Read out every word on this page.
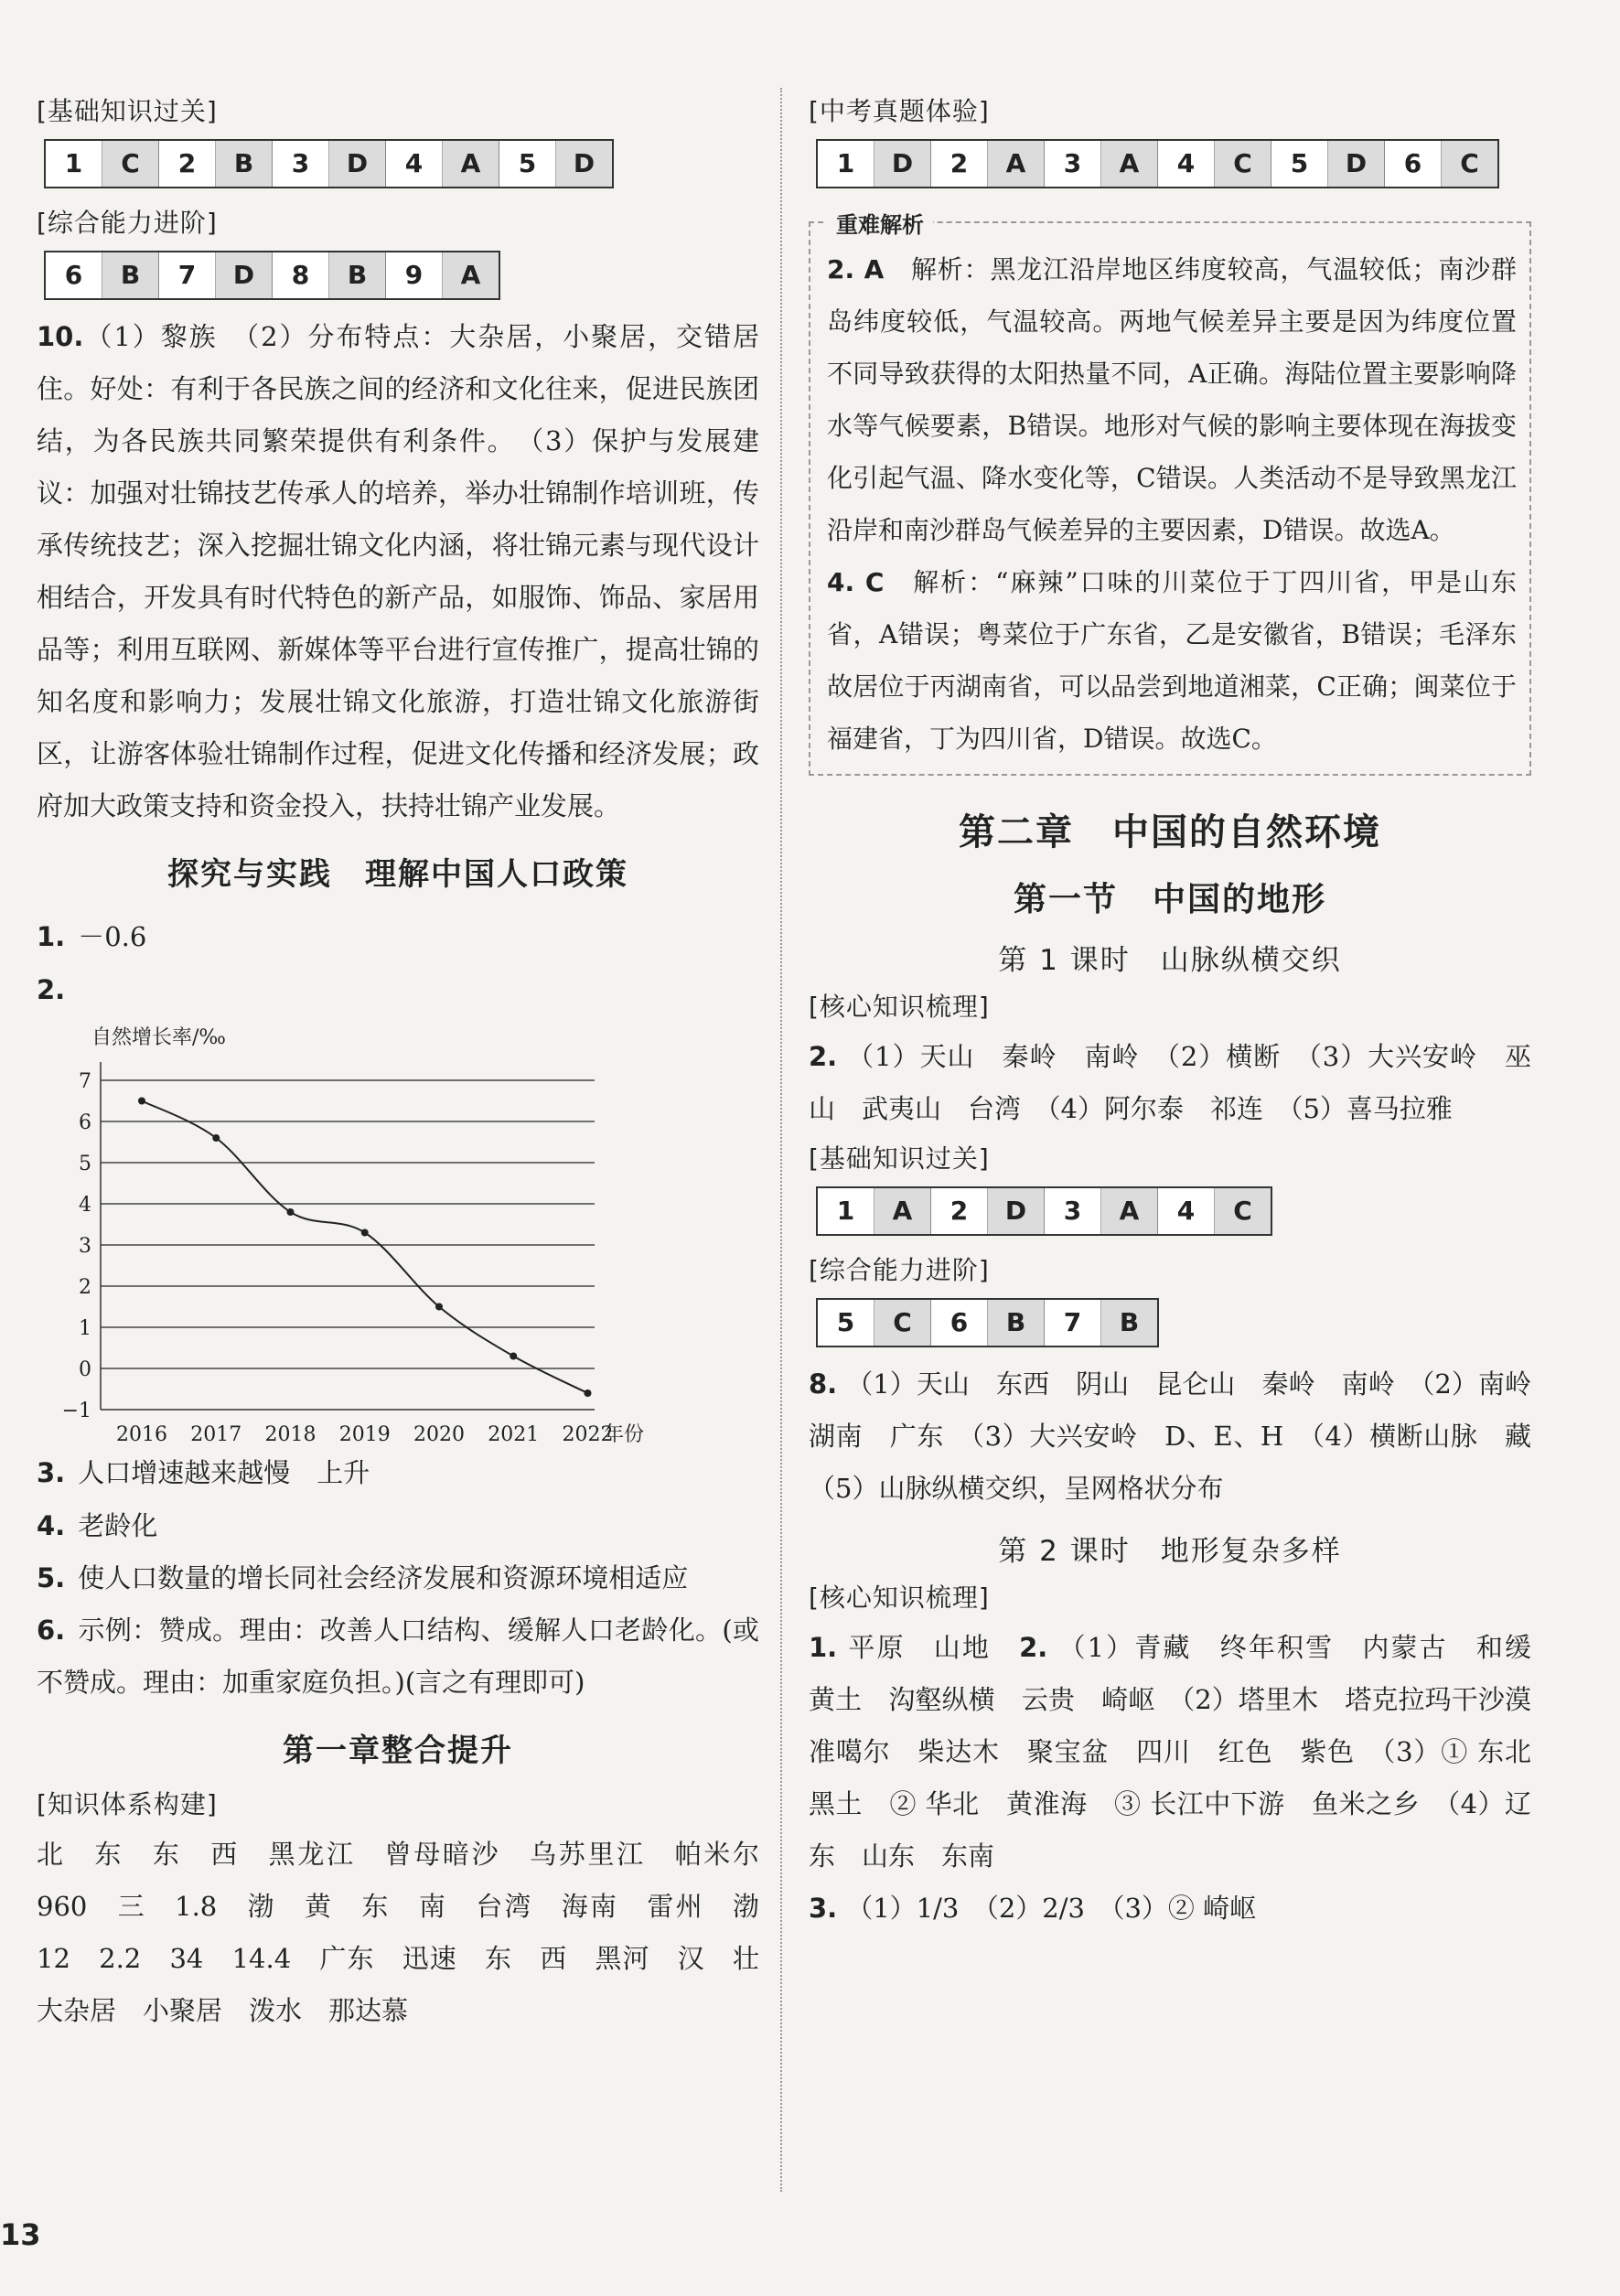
[基础知识过关]
1	C	2	B	3	D	4	A	5	D
[综合能力进阶]
6	B	7	D	8	B	9	A

10.（1）黎族　（2）分布特点：大杂居，小聚居，交错居住。好处：有利于各民族之间的经济和文化往来，促进民族团结，为各民族共同繁荣提供有利条件。　（3）保护与发展建议：加强对壮锦技艺传承人的培养，举办壮锦制作培训班，传承传统技艺；深入挖掘壮锦文化内涵，将壮锦元素与现代设计相结合，开发具有时代特色的新产品，如服饰、饰品、家居用品等；利用互联网、新媒体等平台进行宣传推广，提高壮锦的知名度和影响力；发展壮锦文化旅游，打造壮锦文化旅游街区，让游客体验壮锦制作过程，促进文化传播和经济发展；政府加大政策支持和资金投入，扶持壮锦产业发展。

探究与实践　理解中国人口政策

1. －0.6

2.

自然增长率/‰
7
6
5
4
3
2
1
0
−1
2016 2017 2018 2019 2020 2021 2022
年份

3. 人口增速越来越慢　上升

4. 老龄化

5. 使人口数量的增长同社会经济发展和资源环境相适应

6. 示例：赞成。理由：改善人口结构、缓解人口老龄化。(或不赞成。理由：加重家庭负担。)(言之有理即可)

第一章整合提升
[知识体系构建]

北　东　东　西　黑龙江　曾母暗沙　乌苏里江　帕米尔　960　三　1.8　渤　黄　东　南　台湾　海南　雷州　渤　12　2.2　34　14.4　广东　迅速　东　西　黑河　汉　壮　大杂居　小聚居　泼水　那达慕

[中考真题体验]
1	D	2	A	3	A	4	C	5	D	6	C
重难解析

2. A　解析：黑龙江沿岸地区纬度较高，气温较低；南沙群岛纬度较低，气温较高。两地气候差异主要是因为纬度位置不同导致获得的太阳热量不同，A正确。海陆位置主要影响降水等气候要素，B错误。地形对气候的影响主要体现在海拔变化引起气温、降水变化等，C错误。人类活动不是导致黑龙江沿岸和南沙群岛气候差异的主要因素，D错误。故选A。

4. C　解析：“麻辣”口味的川菜位于丁四川省，甲是山东省，A错误；粤菜位于广东省，乙是安徽省，B错误；毛泽东故居位于丙湖南省，可以品尝到地道湘菜，C正确；闽菜位于福建省，丁为四川省，D错误。故选C。

第二章　中国的自然环境
第一节　中国的地形
第 1 课时　山脉纵横交织
[核心知识梳理]

2. （1）天山　秦岭　南岭　（2）横断　（3）大兴安岭　巫山　武夷山　台湾　（4）阿尔泰　祁连　（5）喜马拉雅

[基础知识过关]
1	A	2	D	3	A	4	C
[综合能力进阶]
5	C	6	B	7	B

8. （1）天山　东西　阴山　昆仑山　秦岭　南岭　（2）南岭　湖南　广东　（3）大兴安岭　D、E、H　（4）横断山脉　藏　（5）山脉纵横交织，呈网格状分布

第 2 课时　地形复杂多样
[核心知识梳理]

1. 平原　山地　2. （1）青藏　终年积雪　内蒙古　和缓　黄土　沟壑纵横　云贵　崎岖　（2）塔里木　塔克拉玛干沙漠　准噶尔　柴达木　聚宝盆　四川　红色　紫色　（3）① 东北　黑土　② 华北　黄淮海　③ 长江中下游　鱼米之乡　（4）辽东　山东　东南

3. （1）1/3　（2）2/3　（3）② 崎岖

13
